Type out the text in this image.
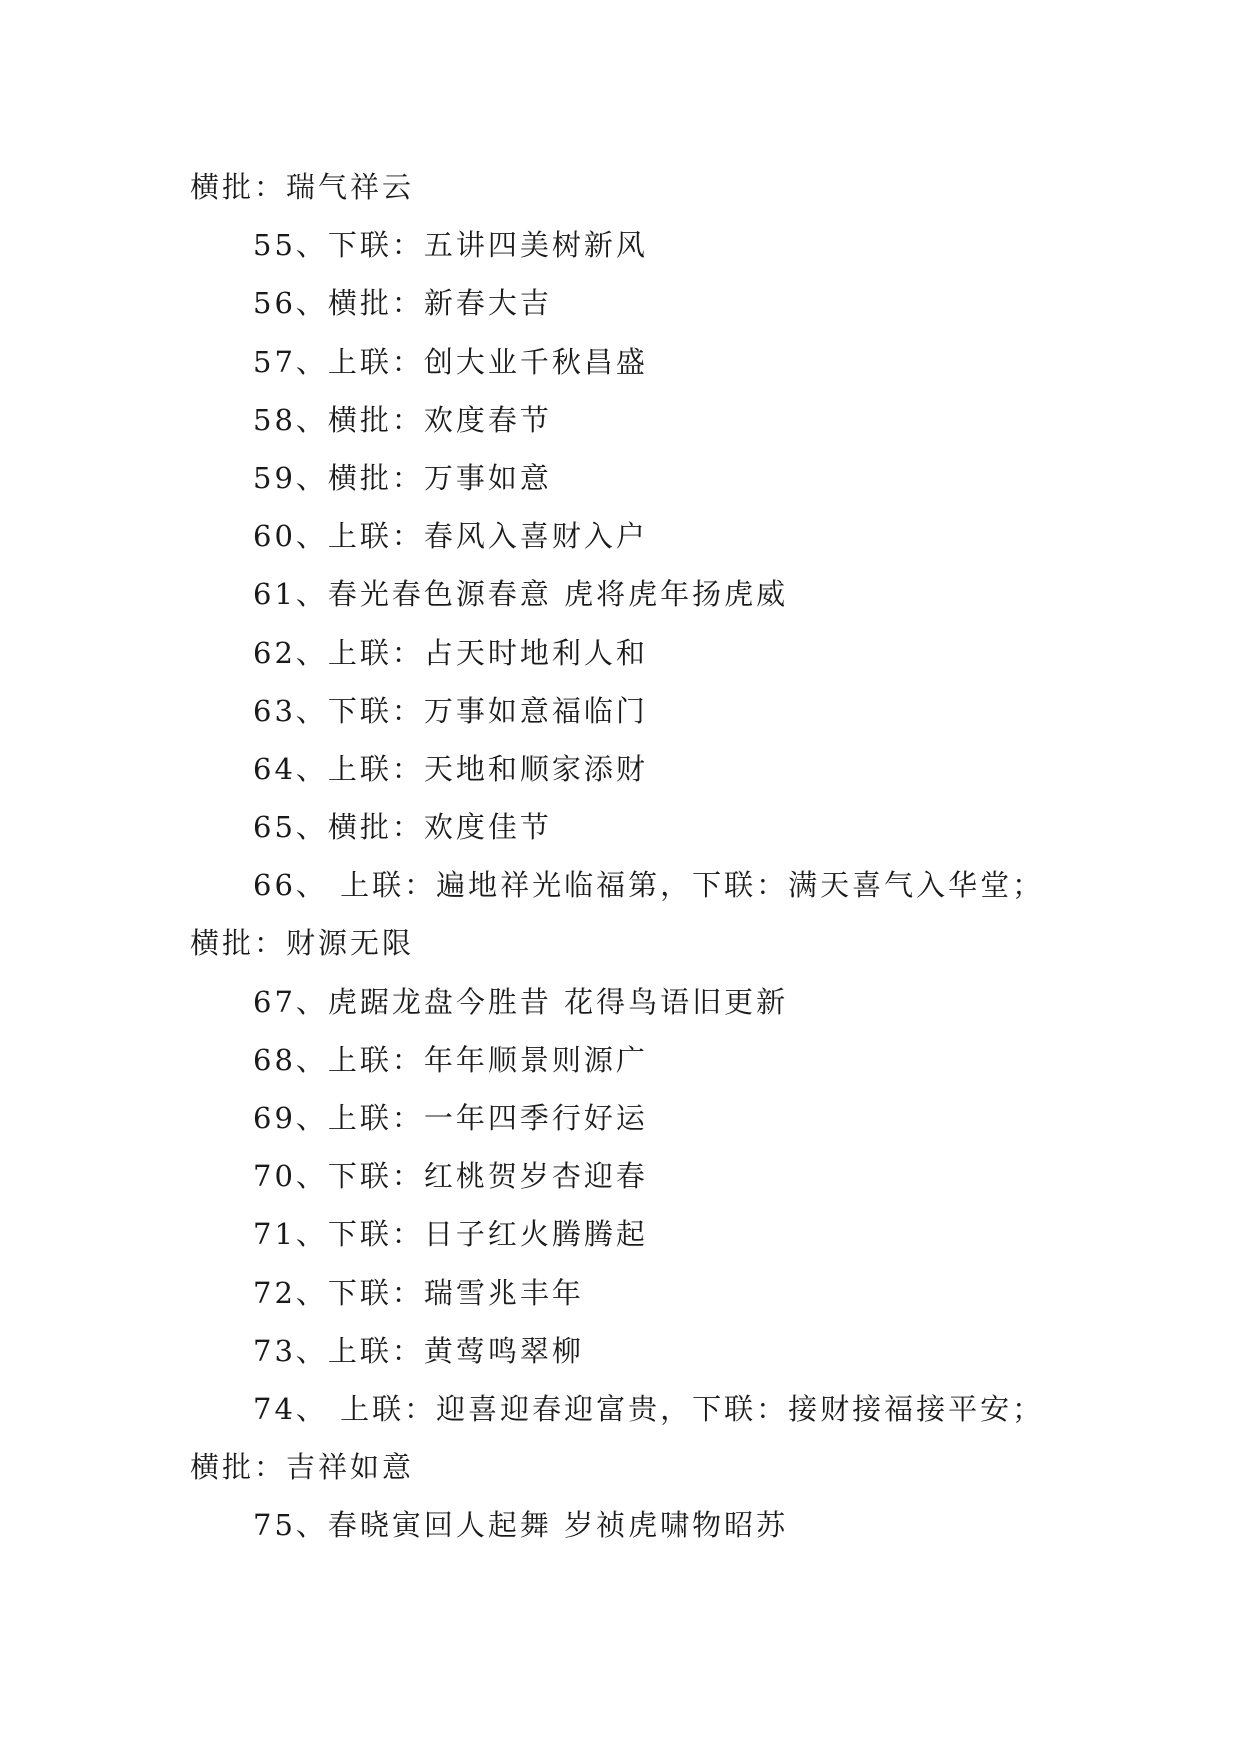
横批：瑞气祥云
55、下联：五讲四美树新风
56、横批：新春大吉
57、上联：创大业千秋昌盛
58、横批：欢度春节
59、横批：万事如意
60、上联：春风入喜财入户
61、春光春色源春意 虎将虎年扬虎威
62、上联：占天时地利人和
63、下联：万事如意福临门
64、上联：天地和顺家添财
65、横批：欢度佳节
66、 上联：遍地祥光临福第，下联：满天喜气入华堂；
横批：财源无限
67、虎踞龙盘今胜昔 花得鸟语旧更新
68、上联：年年顺景则源广
69、上联：一年四季行好运
70、下联：红桃贺岁杏迎春
71、下联：日子红火腾腾起
72、下联：瑞雪兆丰年
73、上联：黄莺鸣翠柳
74、 上联：迎喜迎春迎富贵，下联：接财接福接平安；
横批：吉祥如意
75、春晓寅回人起舞 岁祯虎啸物昭苏
